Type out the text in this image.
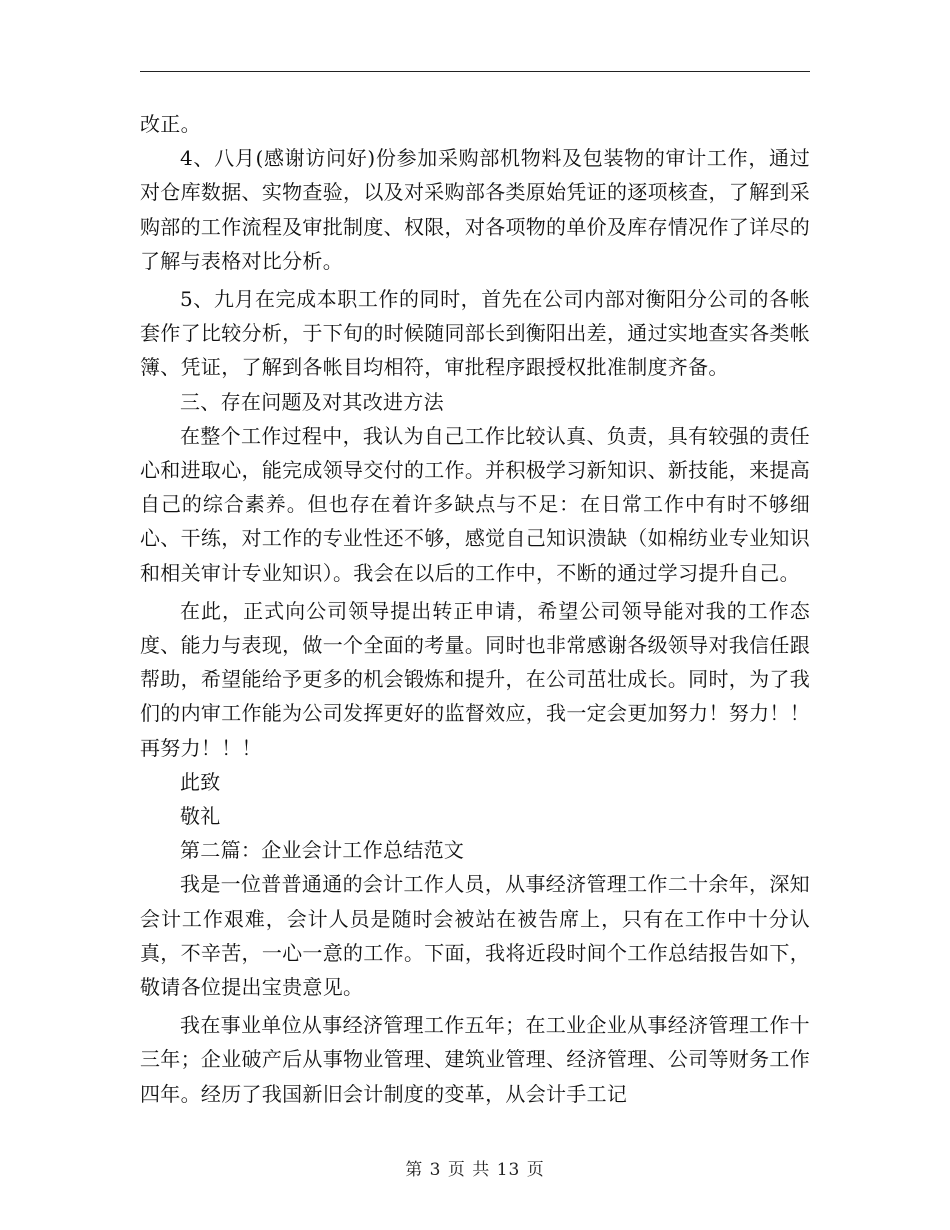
改正。

4、八月(感谢访问好)份参加采购部机物料及包装物的审计工作，通过对仓库数据、实物查验，以及对采购部各类原始凭证的逐项核查，了解到采购部的工作流程及审批制度、权限，对各项物的单价及库存情况作了详尽的了解与表格对比分析。

5、九月在完成本职工作的同时，首先在公司内部对衡阳分公司的各帐套作了比较分析，于下旬的时候随同部长到衡阳出差，通过实地查实各类帐簿、凭证，了解到各帐目均相符，审批程序跟授权批准制度齐备。

三、存在问题及对其改进方法

在整个工作过程中，我认为自己工作比较认真、负责，具有较强的责任心和进取心，能完成领导交付的工作。并积极学习新知识、新技能，来提高自己的综合素养。但也存在着许多缺点与不足：在日常工作中有时不够细心、干练，对工作的专业性还不够，感觉自己知识溃缺（如棉纺业专业知识和相关审计专业知识）。我会在以后的工作中，不断的通过学习提升自己。

在此，正式向公司领导提出转正申请，希望公司领导能对我的工作态度、能力与表现，做一个全面的考量。同时也非常感谢各级领导对我信任跟帮助，希望能给予更多的机会锻炼和提升，在公司茁壮成长。同时，为了我们的内审工作能为公司发挥更好的监督效应，我一定会更加努力！努力！！再努力！！！

此致

敬礼

第二篇：企业会计工作总结范文

我是一位普普通通的会计工作人员，从事经济管理工作二十余年，深知会计工作艰难，会计人员是随时会被站在被告席上，只有在工作中十分认真，不辛苦，一心一意的工作。下面，我将近段时间个工作总结报告如下，敬请各位提出宝贵意见。

我在事业单位从事经济管理工作五年；在工业企业从事经济管理工作十三年；企业破产后从事物业管理、建筑业管理、经济管理、公司等财务工作四年。经历了我国新旧会计制度的变革，从会计手工记

第 3 页 共 13 页
